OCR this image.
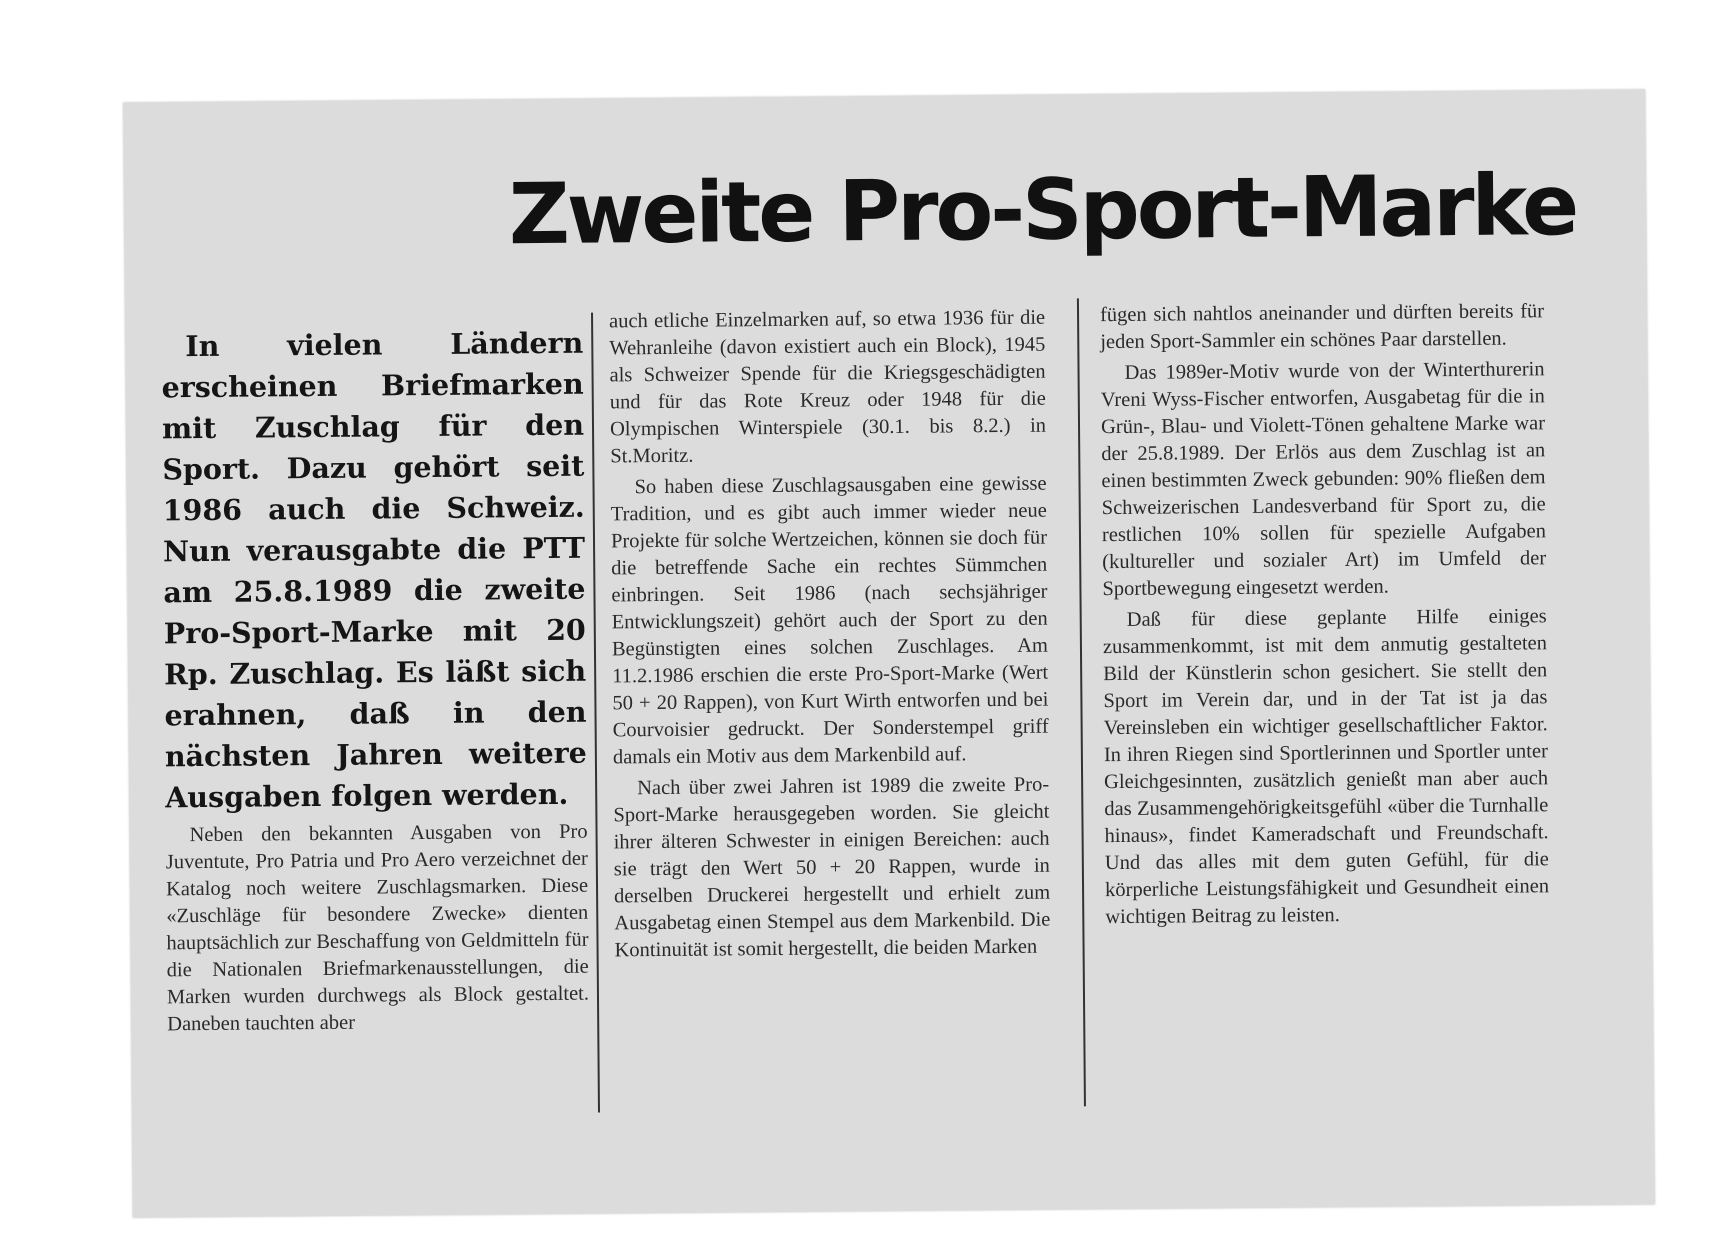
Zweite Pro-Sport-Marke

In vielen Ländern erscheinen Briefmarken mit Zuschlag für den Sport. Dazu gehört seit 1986 auch die Schweiz. Nun verausgabte die PTT am 25.8.1989 die zweite Pro-Sport-Marke mit 20 Rp. Zuschlag. Es läßt sich erahnen, daß in den nächsten Jahren weitere Ausgaben folgen werden.

Neben den bekannten Ausgaben von Pro Juventute, Pro Patria und Pro Aero verzeichnet der Katalog noch weitere Zuschlagsmarken. Diese «Zuschläge für besondere Zwecke» dienten hauptsächlich zur Beschaffung von Geldmitteln für die Nationalen Briefmarkenausstellungen, die Marken wurden durchwegs als Block gestaltet. Daneben tauchten aber

auch etliche Einzelmarken auf, so etwa 1936 für die Wehranleihe (davon existiert auch ein Block), 1945 als Schweizer Spende für die Kriegsgeschädigten und für das Rote Kreuz oder 1948 für die Olympischen Winterspiele (30.1. bis 8.2.) in St.Moritz.

So haben diese Zuschlagsausgaben eine gewisse Tradition, und es gibt auch immer wieder neue Projekte für solche Wertzeichen, können sie doch für die betreffende Sache ein rechtes Sümmchen einbringen. Seit 1986 (nach sechsjähriger Entwicklungszeit) gehört auch der Sport zu den Begünstigten eines solchen Zuschlages. Am 11.2.1986 erschien die erste Pro-Sport-Marke (Wert 50 + 20 Rappen), von Kurt Wirth entworfen und bei Courvoisier gedruckt. Der Sonderstempel griff damals ein Motiv aus dem Markenbild auf.

Nach über zwei Jahren ist 1989 die zweite Pro-Sport-Marke herausgegeben worden. Sie gleicht ihrer älteren Schwester in einigen Bereichen: auch sie trägt den Wert 50 + 20 Rappen, wurde in derselben Druckerei hergestellt und erhielt zum Ausgabetag einen Stempel aus dem Markenbild. Die Kontinuität ist somit hergestellt, die beiden Marken

fügen sich nahtlos aneinander und dürften bereits für jeden Sport-Sammler ein schönes Paar darstellen.

Das 1989er-Motiv wurde von der Winterthurerin Vreni Wyss-Fischer entworfen, Ausgabetag für die in Grün-, Blau- und Violett-Tönen gehaltene Marke war der 25.8.1989. Der Erlös aus dem Zuschlag ist an einen bestimmten Zweck gebunden: 90% fließen dem Schweizerischen Landesverband für Sport zu, die restlichen 10% sollen für spezielle Aufgaben (kultureller und sozialer Art) im Umfeld der Sportbewegung eingesetzt werden.

Daß für diese geplante Hilfe einiges zusammenkommt, ist mit dem anmutig gestalteten Bild der Künstlerin schon gesichert. Sie stellt den Sport im Verein dar, und in der Tat ist ja das Vereinsleben ein wichtiger gesellschaftlicher Faktor. In ihren Riegen sind Sportlerinnen und Sportler unter Gleichgesinnten, zusätzlich genießt man aber auch das Zusammengehörigkeitsgefühl «über die Turnhalle hinaus», findet Kameradschaft und Freundschaft. Und das alles mit dem guten Gefühl, für die körperliche Leistungsfähigkeit und Gesundheit einen wichtigen Beitrag zu leisten.
